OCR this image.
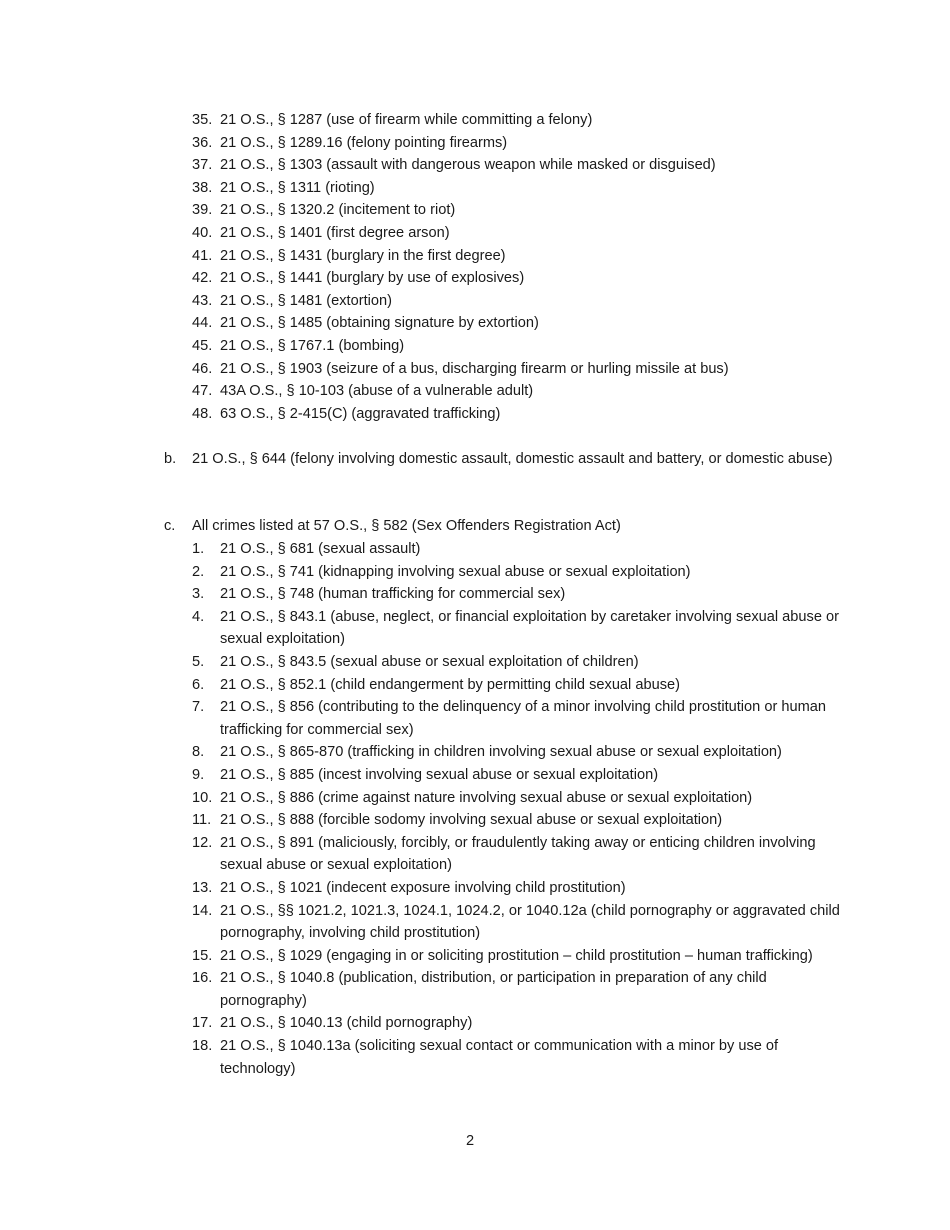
35. 21 O.S., § 1287 (use of firearm while committing a felony)
36. 21 O.S., § 1289.16 (felony pointing firearms)
37. 21 O.S., § 1303 (assault with dangerous weapon while masked or disguised)
38. 21 O.S., § 1311 (rioting)
39. 21 O.S., § 1320.2 (incitement to riot)
40. 21 O.S., § 1401 (first degree arson)
41. 21 O.S., § 1431 (burglary in the first degree)
42. 21 O.S., § 1441 (burglary by use of explosives)
43. 21 O.S., § 1481 (extortion)
44. 21 O.S., § 1485 (obtaining signature by extortion)
45. 21 O.S., § 1767.1 (bombing)
46. 21 O.S., § 1903 (seizure of a bus, discharging firearm or hurling missile at bus)
47. 43A O.S., § 10-103 (abuse of a vulnerable adult)
48. 63 O.S., § 2-415(C) (aggravated trafficking)
b. 21 O.S., § 644 (felony involving domestic assault, domestic assault and battery, or domestic abuse)
c. All crimes listed at 57 O.S., § 582 (Sex Offenders Registration Act)
1. 21 O.S., § 681 (sexual assault)
2. 21 O.S., § 741 (kidnapping involving sexual abuse or sexual exploitation)
3. 21 O.S., § 748 (human trafficking for commercial sex)
4. 21 O.S., § 843.1 (abuse, neglect, or financial exploitation by caretaker involving sexual abuse or sexual exploitation)
5. 21 O.S., § 843.5 (sexual abuse or sexual exploitation of children)
6. 21 O.S., § 852.1 (child endangerment by permitting child sexual abuse)
7. 21 O.S., § 856 (contributing to the delinquency of a minor involving child prostitution or human trafficking for commercial sex)
8. 21 O.S., § 865-870 (trafficking in children involving sexual abuse or sexual exploitation)
9. 21 O.S., § 885 (incest involving sexual abuse or sexual exploitation)
10. 21 O.S., § 886 (crime against nature involving sexual abuse or sexual exploitation)
11. 21 O.S., § 888 (forcible sodomy involving sexual abuse or sexual exploitation)
12. 21 O.S., § 891 (maliciously, forcibly, or fraudulently taking away or enticing children involving sexual abuse or sexual exploitation)
13. 21 O.S., § 1021 (indecent exposure involving child prostitution)
14. 21 O.S., §§ 1021.2, 1021.3, 1024.1, 1024.2, or 1040.12a (child pornography or aggravated child pornography, involving child prostitution)
15. 21 O.S., § 1029 (engaging in or soliciting prostitution – child prostitution – human trafficking)
16. 21 O.S., § 1040.8 (publication, distribution, or participation in preparation of any child pornography)
17. 21 O.S., § 1040.13 (child pornography)
18. 21 O.S., § 1040.13a (soliciting sexual contact or communication with a minor by use of technology)
2
